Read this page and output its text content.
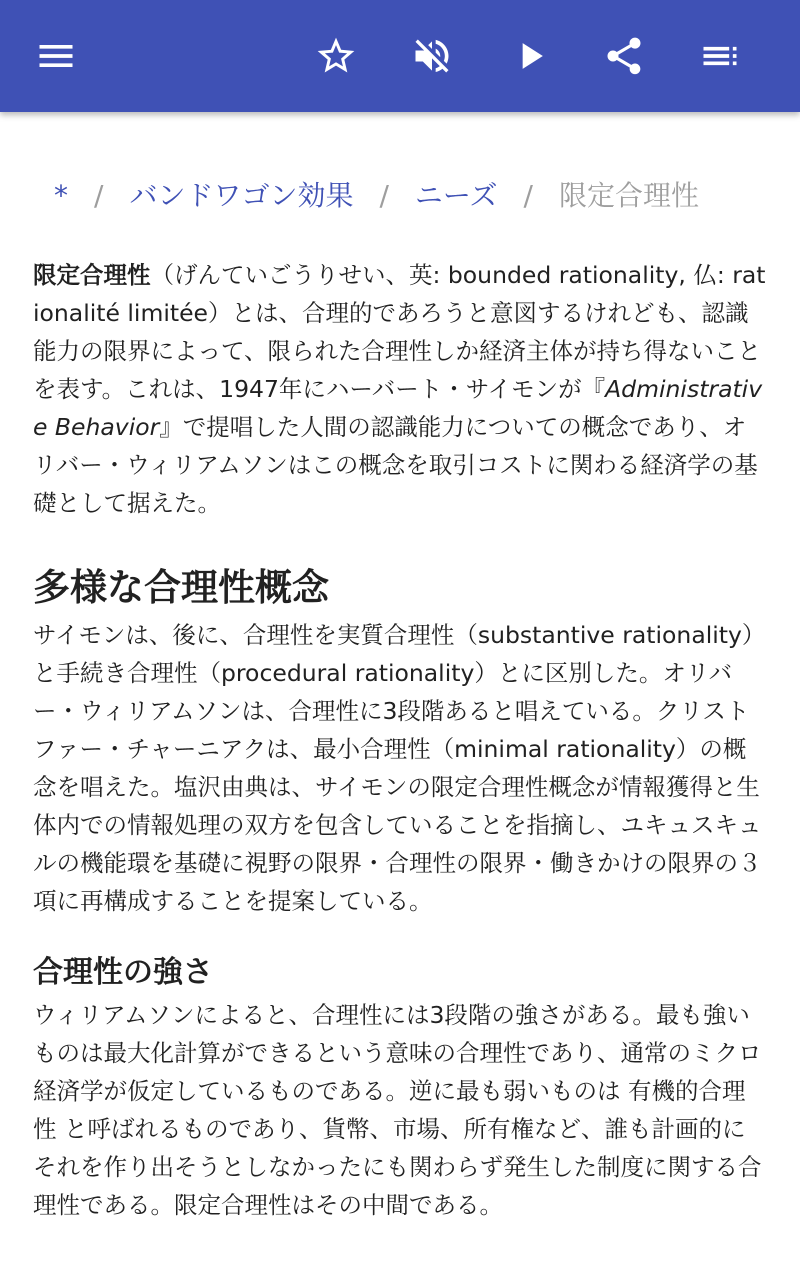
* / バンドワゴン効果 / ニーズ / 限定合理性

限定合理性（げんていごうりせい、英: bounded rationality, 仏: rationalité limitée）とは、合理的であろうと意図するけれども、認識能力の限界によって、限られた合理性しか経済主体が持ち得ないことを表す。これは、1947年にハーバート・サイモンが『Administrative Behavior』で提唱した人間の認識能力についての概念であり、オリバー・ウィリアムソンはこの概念を取引コストに関わる経済学の基礎として据えた。

多様な合理性概念

サイモンは、後に、合理性を実質合理性（substantive rationality）と手続き合理性（procedural rationality）とに区別した。オリバー・ウィリアムソンは、合理性に3段階あると唱えている。クリストファー・チャーニアクは、最小合理性（minimal rationality）の概念を唱えた。塩沢由典は、サイモンの限定合理性概念が情報獲得と生体内での情報処理の双方を包含していることを指摘し、ユキュスキュルの機能環を基礎に視野の限界・合理性の限界・働きかけの限界の３項に再構成することを提案している。

合理性の強さ

ウィリアムソンによると、合理性には3段階の強さがある。最も強いものは最大化計算ができるという意味の合理性であり、通常のミクロ経済学が仮定しているものである。逆に最も弱いものは 有機的合理性 と呼ばれるものであり、貨幣、市場、所有権など、誰も計画的にそれを作り出そうとしなかったにも関わらず発生した制度に関する合理性である。限定合理性はその中間である。
